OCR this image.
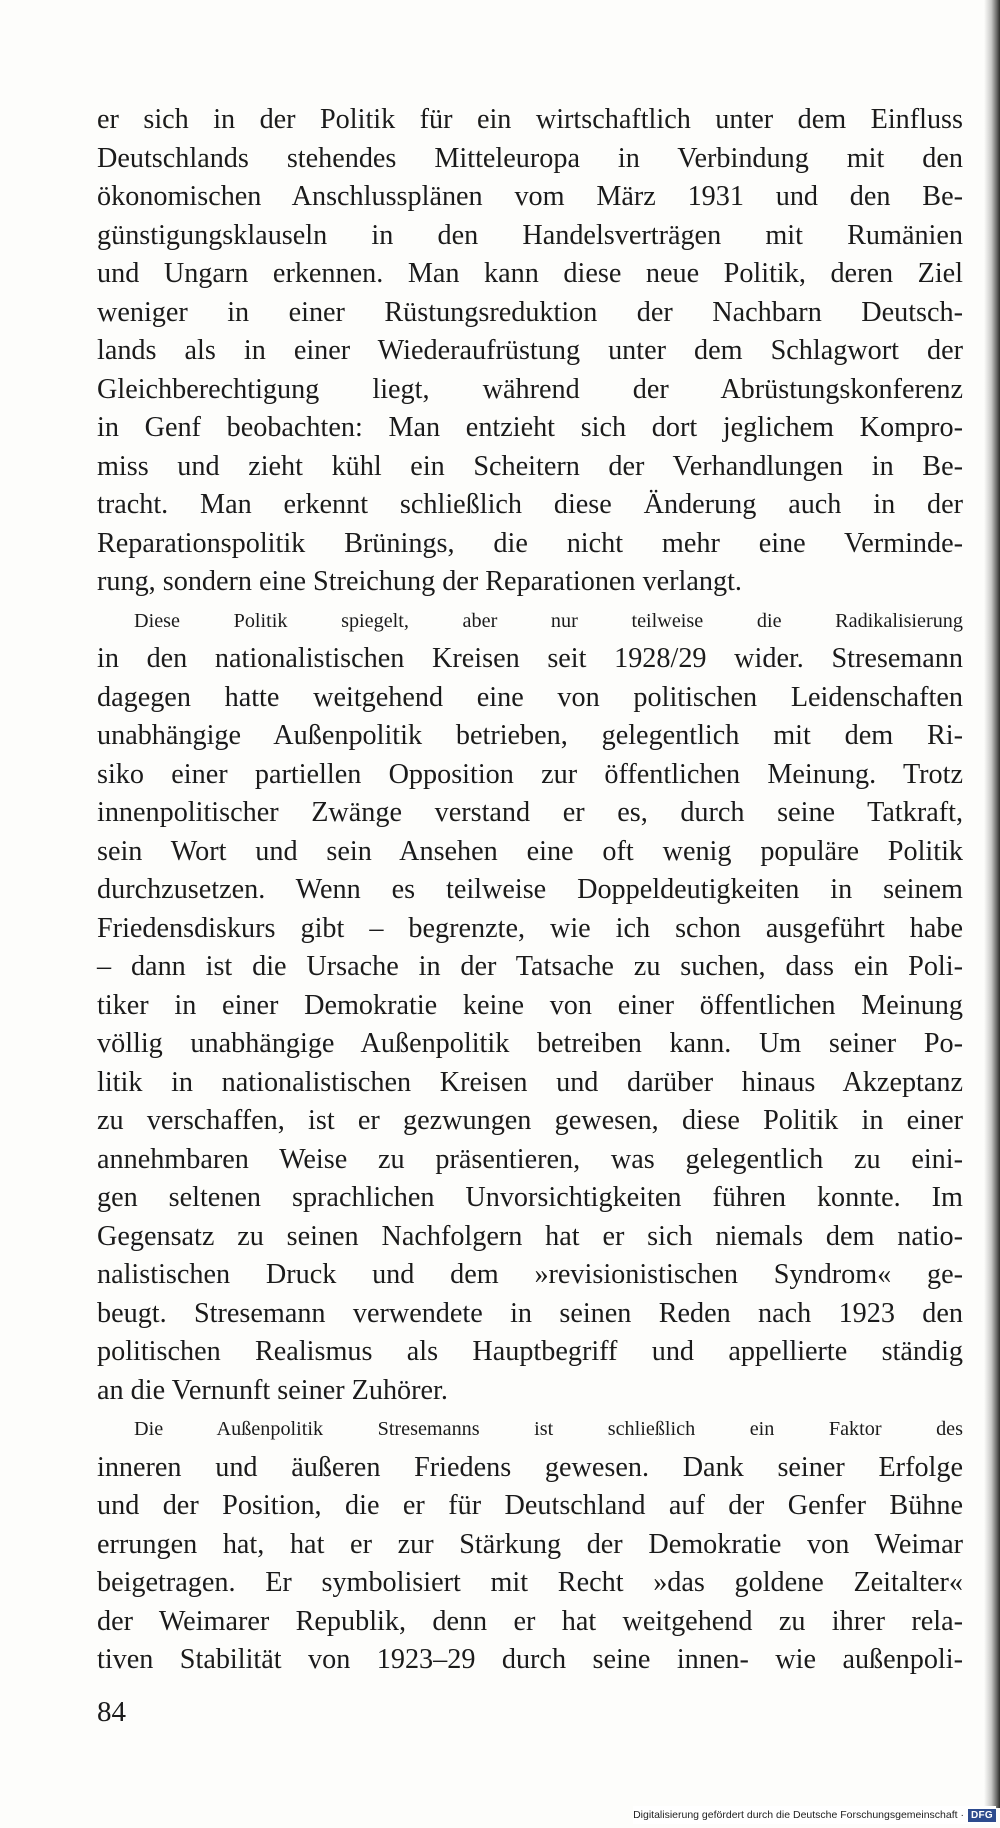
er sich in der Politik für ein wirtschaftlich unter dem Einfluss
Deutschlands stehendes Mitteleuropa in Verbindung mit den
ökonomischen Anschlussplänen vom März 1931 und den Be-
günstigungsklauseln in den Handelsverträgen mit Rumänien
und Ungarn erkennen. Man kann diese neue Politik, deren Ziel
weniger in einer Rüstungsreduktion der Nachbarn Deutsch-
lands als in einer Wiederaufrüstung unter dem Schlagwort der
Gleichberechtigung liegt, während der Abrüstungskonferenz
in Genf beobachten: Man entzieht sich dort jeglichem Kompro-
miss und zieht kühl ein Scheitern der Verhandlungen in Be-
tracht. Man erkennt schließlich diese Änderung auch in der
Reparationspolitik Brünings, die nicht mehr eine Verminde-
rung, sondern eine Streichung der Reparationen verlangt.
Diese Politik spiegelt, aber nur teilweise die Radikalisierung
in den nationalistischen Kreisen seit 1928/29 wider. Stresemann
dagegen hatte weitgehend eine von politischen Leidenschaften
unabhängige Außenpolitik betrieben, gelegentlich mit dem Ri-
siko einer partiellen Opposition zur öffentlichen Meinung. Trotz
innenpolitischer Zwänge verstand er es, durch seine Tatkraft,
sein Wort und sein Ansehen eine oft wenig populäre Politik
durchzusetzen. Wenn es teilweise Doppeldeutigkeiten in seinem
Friedensdiskurs gibt – begrenzte, wie ich schon ausgeführt habe
– dann ist die Ursache in der Tatsache zu suchen, dass ein Poli-
tiker in einer Demokratie keine von einer öffentlichen Meinung
völlig unabhängige Außenpolitik betreiben kann. Um seiner Po-
litik in nationalistischen Kreisen und darüber hinaus Akzeptanz
zu verschaffen, ist er gezwungen gewesen, diese Politik in einer
annehmbaren Weise zu präsentieren, was gelegentlich zu eini-
gen seltenen sprachlichen Unvorsichtigkeiten führen konnte. Im
Gegensatz zu seinen Nachfolgern hat er sich niemals dem natio-
nalistischen Druck und dem »revisionistischen Syndrom« ge-
beugt. Stresemann verwendete in seinen Reden nach 1923 den
politischen Realismus als Hauptbegriff und appellierte ständig
an die Vernunft seiner Zuhörer.
Die Außenpolitik Stresemanns ist schließlich ein Faktor des
inneren und äußeren Friedens gewesen. Dank seiner Erfolge
und der Position, die er für Deutschland auf der Genfer Bühne
errungen hat, hat er zur Stärkung der Demokratie von Weimar
beigetragen. Er symbolisiert mit Recht »das goldene Zeitalter«
der Weimarer Republik, denn er hat weitgehend zu ihrer rela-
tiven Stabilität von 1923–29 durch seine innen- wie außenpoli-
84
Digitalisierung gefördert durch die Deutsche Forschungsgemeinschaft · DFG
